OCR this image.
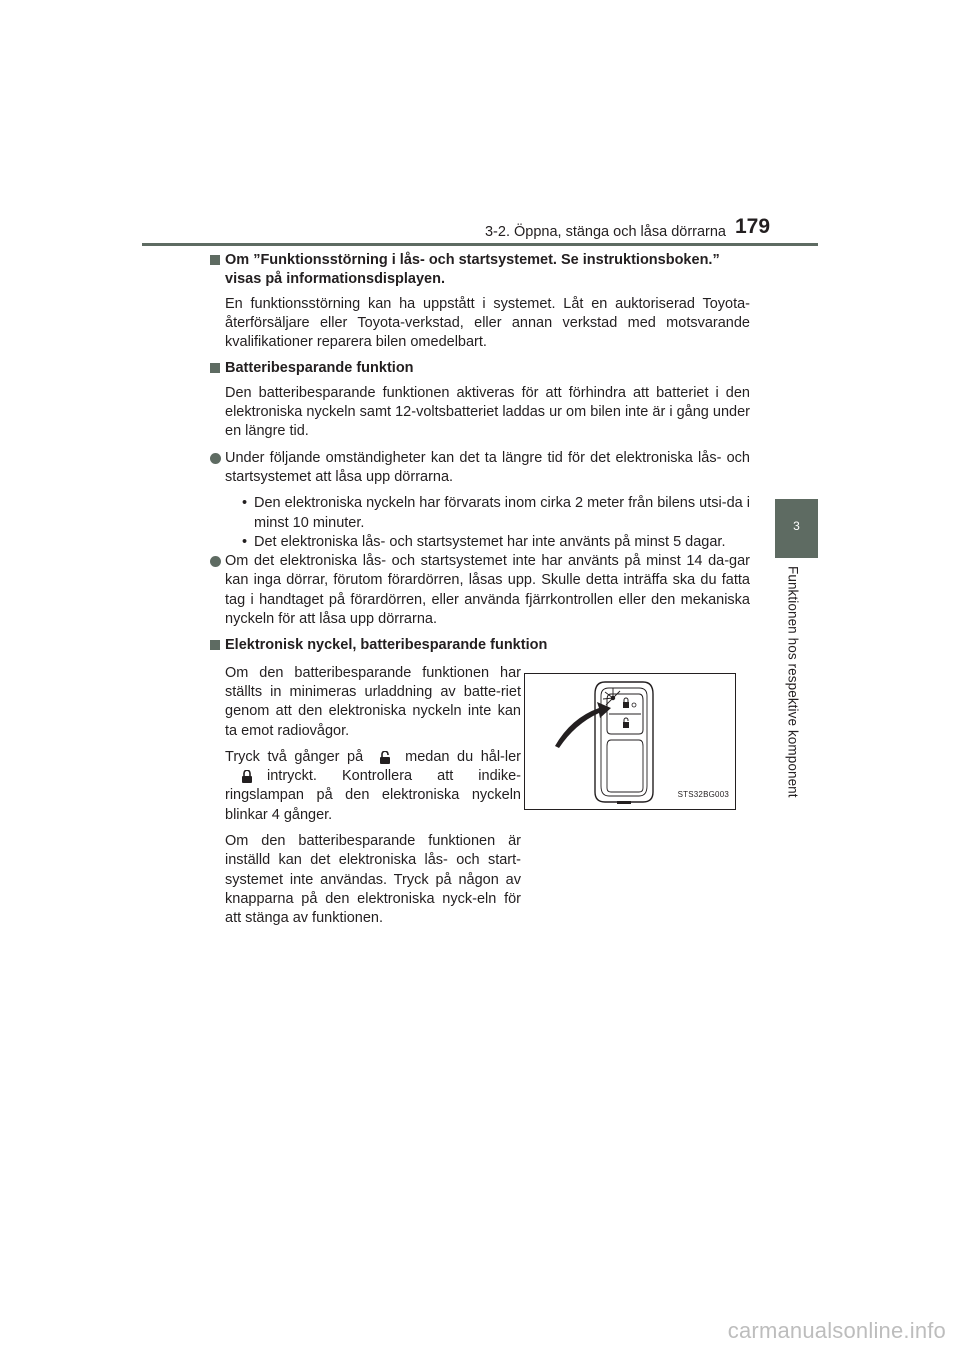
3-2. Öppna, stänga och låsa dörrarna 179
3
Funktionen hos respektive komponent
Om ”Funktionsstörning i lås- och startsystemet. Se instruktionsboken.”
visas på informationsdisplayen.
En funktionsstörning kan ha uppstått i systemet. Låt en auktoriserad Toyota-återförsäljare eller Toyota-verkstad, eller annan verkstad med motsvarande kvalifikationer reparera bilen omedelbart.
Batteribesparande funktion
Den batteribesparande funktionen aktiveras för att förhindra att batteriet i den elektroniska nyckeln samt 12-voltsbatteriet laddas ur om bilen inte är i gång under en längre tid.
Under följande omständigheter kan det ta längre tid för det elektroniska lås- och startsystemet att låsa upp dörrarna.
• Den elektroniska nyckeln har förvarats inom cirka 2 meter från bilens utsi-da i minst 10 minuter.
• Det elektroniska lås- och startsystemet har inte använts på minst 5 dagar.
Om det elektroniska lås- och startsystemet inte har använts på minst 14 da-gar kan inga dörrar, förutom förardörren, låsas upp. Skulle detta inträffa ska du fatta tag i handtaget på förardörren, eller använda fjärrkontrollen eller den mekaniska nyckeln för att låsa upp dörrarna.
Elektronisk nyckel, batteribesparande funktion

Om den batteribesparande funktionen har ställts in minimeras urladdning av batte-riet genom att den elektroniska nyckeln inte kan ta emot radiovågor.

Tryck två gånger på	medan du hål-lerintryckt. Kontrollera att indike-ringslampan på den elektroniska nyckeln blinkar 4 gånger.

Om den batteribesparande funktionen är inställd kan det elektroniska lås- och start-systemet inte användas. Tryck på någon av knapparna på den elektroniska nyck-eln för att stänga av funktionen.

STS32BG003
carmanualsonline.info
